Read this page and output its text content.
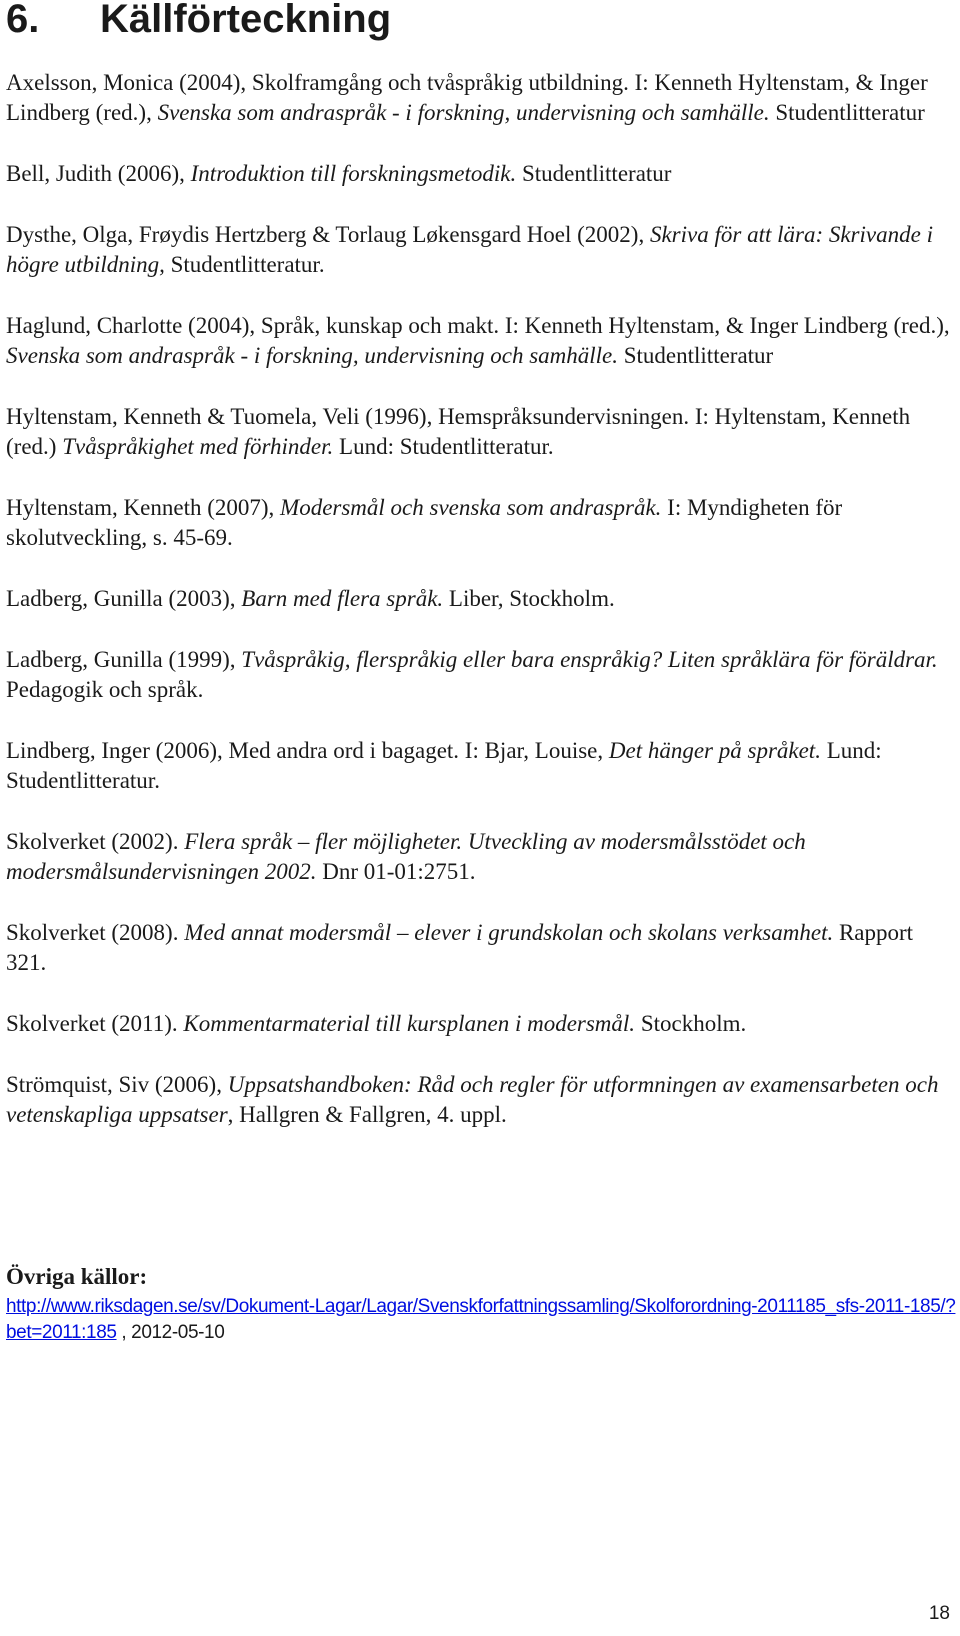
6. Källförteckning

Axelsson, Monica (2004), Skolframgång och tvåspråkig utbildning. I: Kenneth Hyltenstam, & Inger Lindberg (red.), Svenska som andraspråk - i forskning, undervisning och samhälle. Studentlitteratur

Bell, Judith (2006), Introduktion till forskningsmetodik. Studentlitteratur

Dysthe, Olga, Frøydis Hertzberg & Torlaug Løkensgard Hoel (2002), Skriva för att lära: Skrivande i högre utbildning, Studentlitteratur.

Haglund, Charlotte (2004), Språk, kunskap och makt. I: Kenneth Hyltenstam, & Inger Lindberg (red.), Svenska som andraspråk - i forskning, undervisning och samhälle. Studentlitteratur

Hyltenstam, Kenneth & Tuomela, Veli (1996), Hemspråksundervisningen. I: Hyltenstam, Kenneth (red.) Tvåspråkighet med förhinder. Lund: Studentlitteratur.

Hyltenstam, Kenneth (2007), Modersmål och svenska som andraspråk. I: Myndigheten för skolutveckling, s. 45-69.

Ladberg, Gunilla (2003), Barn med flera språk. Liber, Stockholm.

Ladberg, Gunilla (1999), Tvåspråkig, flerspråkig eller bara enspråkig? Liten språklära för föräldrar. Pedagogik och språk.

Lindberg, Inger (2006), Med andra ord i bagaget. I: Bjar, Louise, Det hänger på språket. Lund: Studentlitteratur.

Skolverket (2002). Flera språk – fler möjligheter. Utveckling av modersmålsstödet och modersmålsundervisningen 2002. Dnr 01-01:2751.

Skolverket (2008). Med annat modersmål – elever i grundskolan och skolans verksamhet. Rapport 321.

Skolverket (2011). Kommentarmaterial till kursplanen i modersmål. Stockholm.

Strömquist, Siv (2006), Uppsatshandboken: Råd och regler för utformningen av examensarbeten och vetenskapliga uppsatser, Hallgren & Fallgren, 4. uppl.

Övriga källor:
http://www.riksdagen.se/sv/Dokument-Lagar/Lagar/Svenskforfattningssamling/Skolforordning-2011185_sfs-2011-185/?bet=2011:185 , 2012-05-10
18
